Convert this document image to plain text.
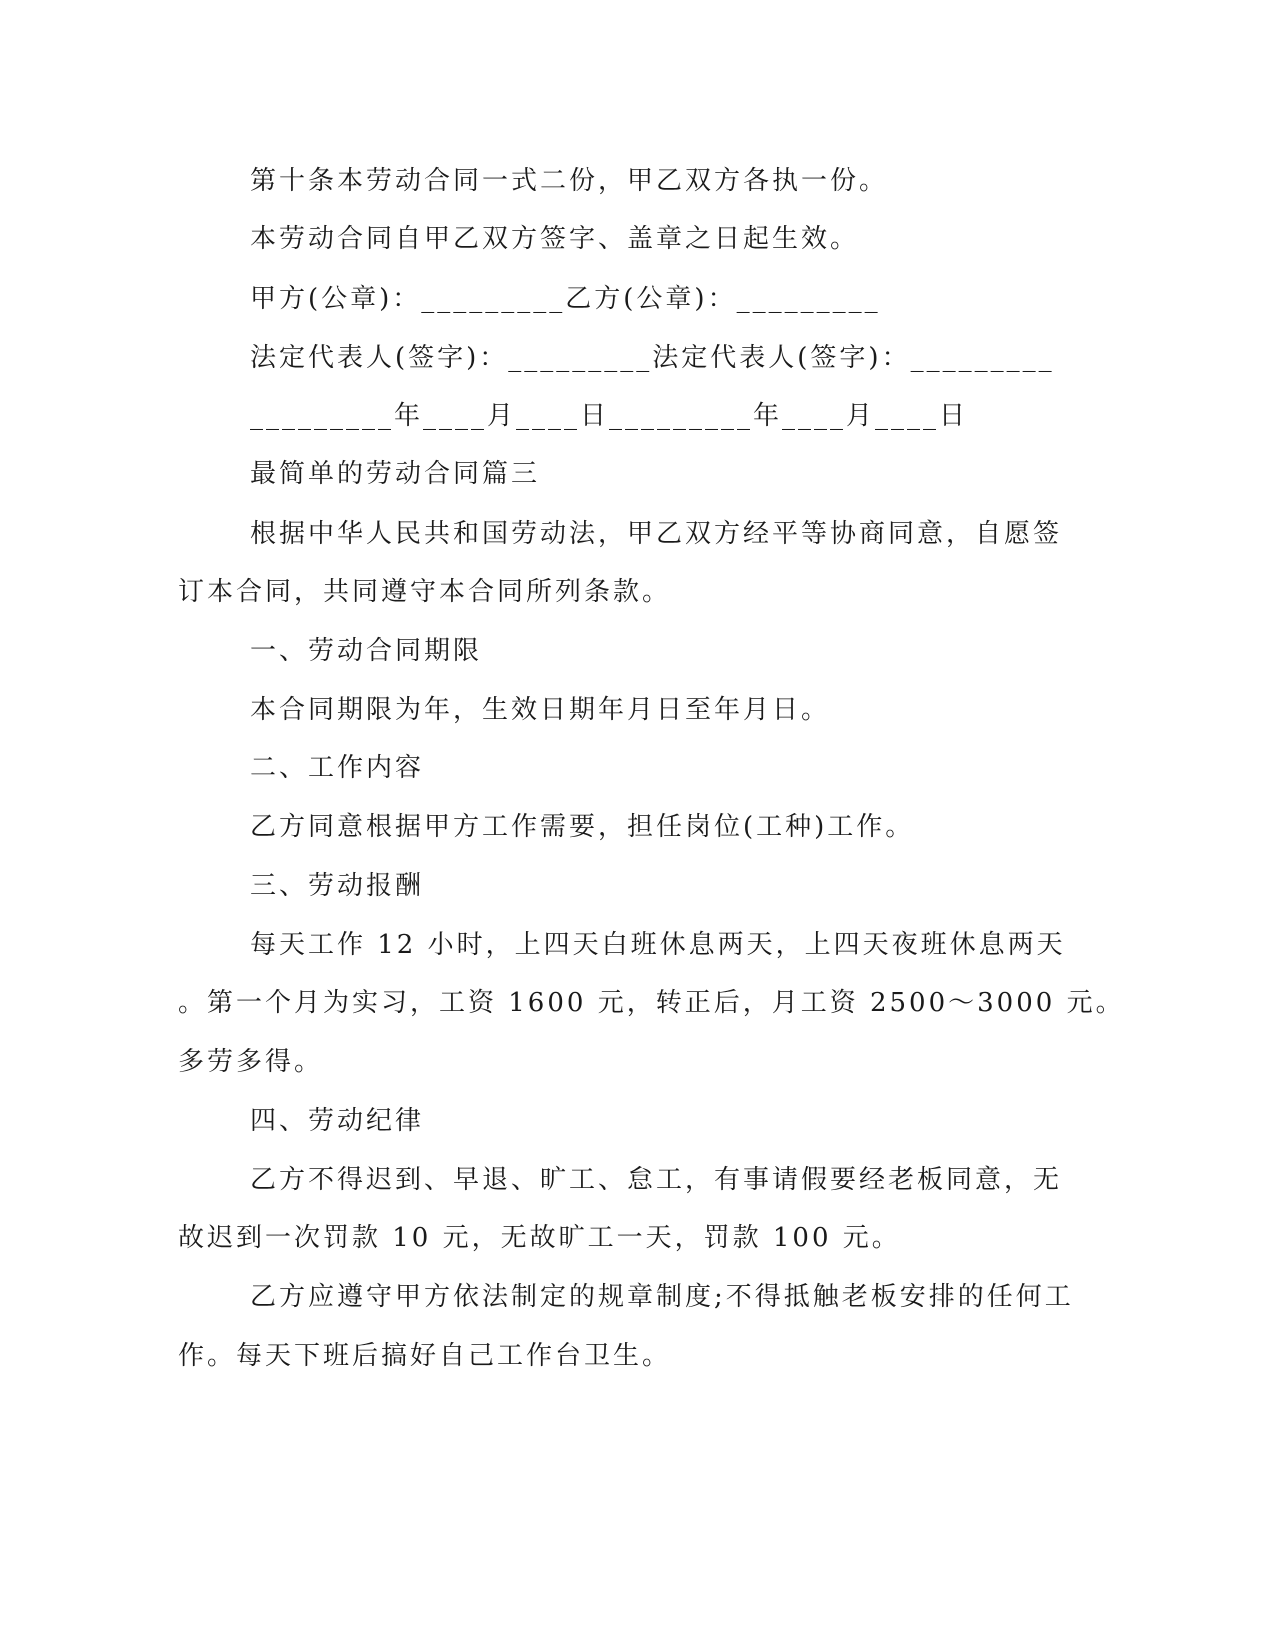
第十条本劳动合同一式二份，甲乙双方各执一份。
本劳动合同自甲乙双方签字、盖章之日起生效。
甲方(公章)：_________乙方(公章)：_________
法定代表人(签字)：_________法定代表人(签字)：_________
_________年____月____日_________年____月____日
最简单的劳动合同篇三
根据中华人民共和国劳动法，甲乙双方经平等协商同意，自愿签
订本合同，共同遵守本合同所列条款。
一、劳动合同期限
本合同期限为年，生效日期年月日至年月日。
二、工作内容
乙方同意根据甲方工作需要，担任岗位(工种)工作。
三、劳动报酬
每天工作 12 小时，上四天白班休息两天，上四天夜班休息两天
。第一个月为实习，工资 1600 元，转正后，月工资 2500～3000 元。
多劳多得。
四、劳动纪律
乙方不得迟到、早退、旷工、怠工，有事请假要经老板同意，无
故迟到一次罚款 10 元，无故旷工一天，罚款 100 元。
乙方应遵守甲方依法制定的规章制度;不得抵触老板安排的任何工
作。每天下班后搞好自己工作台卫生。
